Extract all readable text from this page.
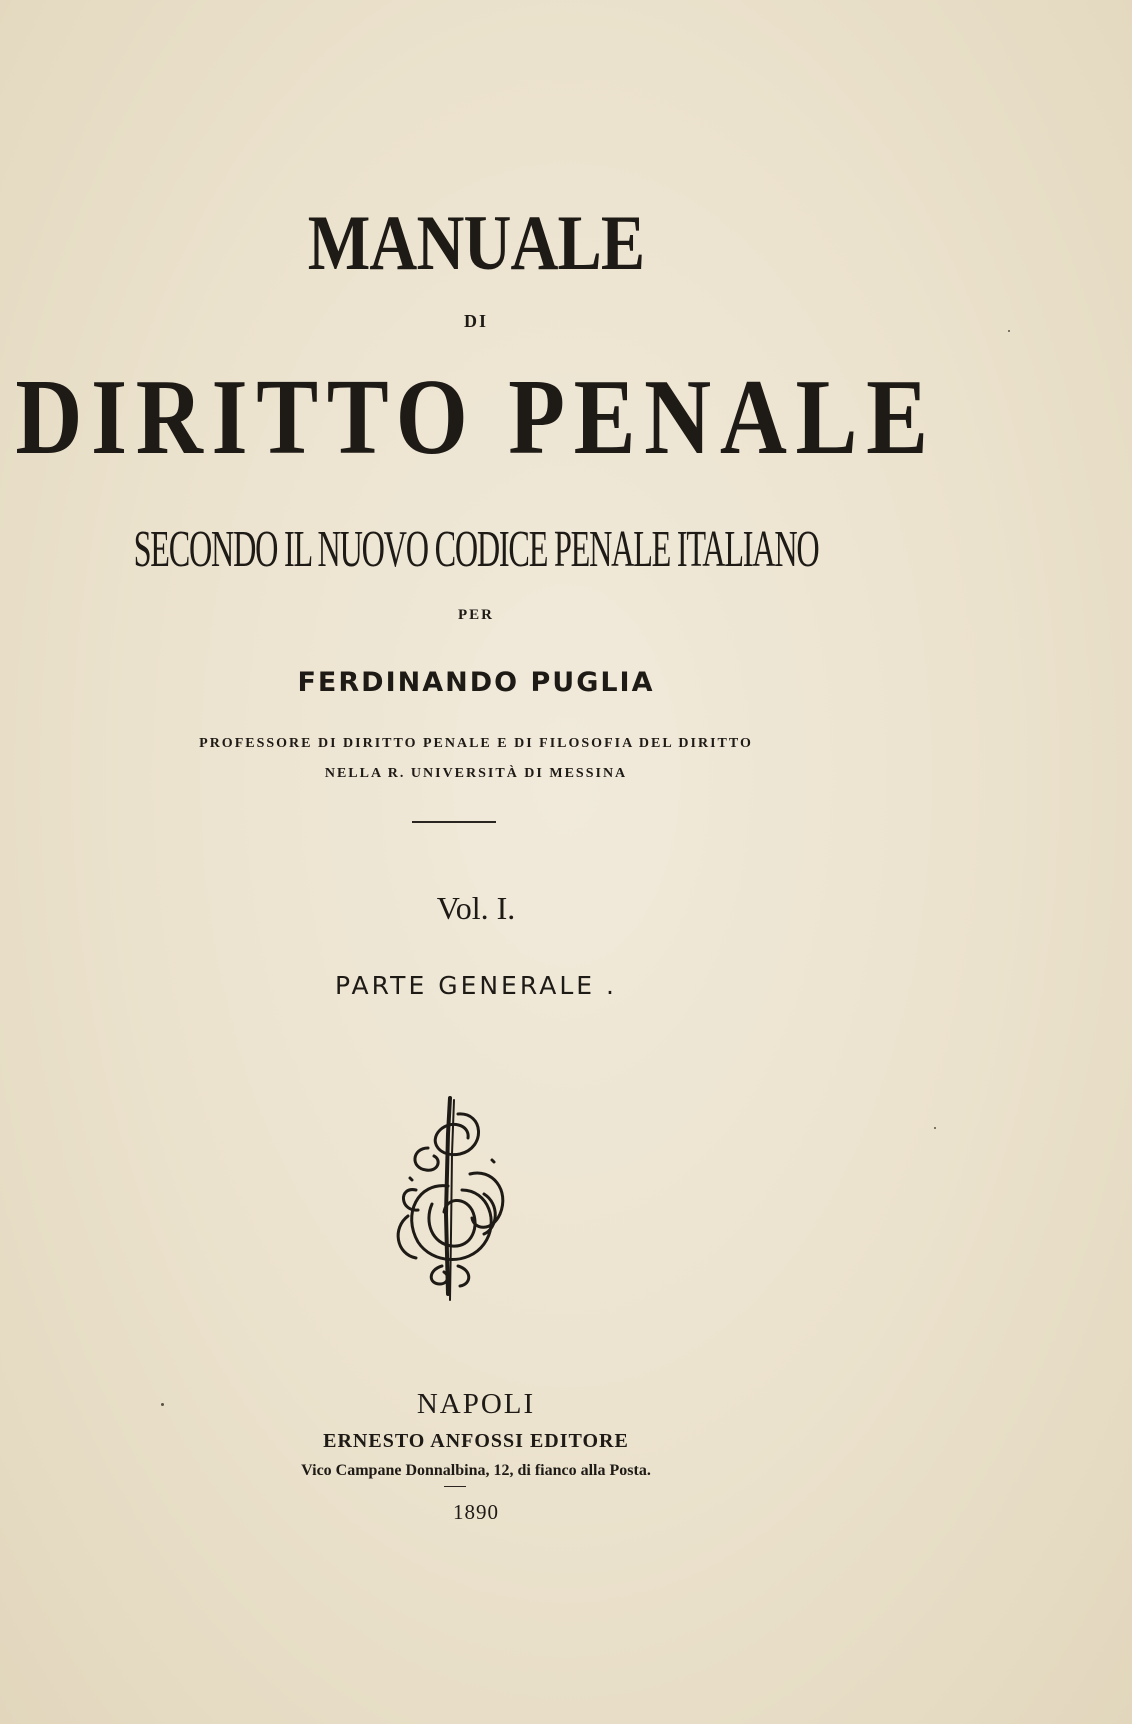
MANUALE

DI

DIRITTO PENALE

SECONDO IL NUOVO CODICE PENALE ITALIANO

PER

FERDINANDO PUGLIA

PROFESSORE DI DIRITTO PENALE E DI FILOSOFIA DEL DIRITTO

NELLA R. UNIVERSITÀ DI MESSINA

Vol. I.

PARTE GENERALE .

NAPOLI

ERNESTO ANFOSSI EDITORE

Vico Campane Donnalbina, 12, di fianco alla Posta.

1890
